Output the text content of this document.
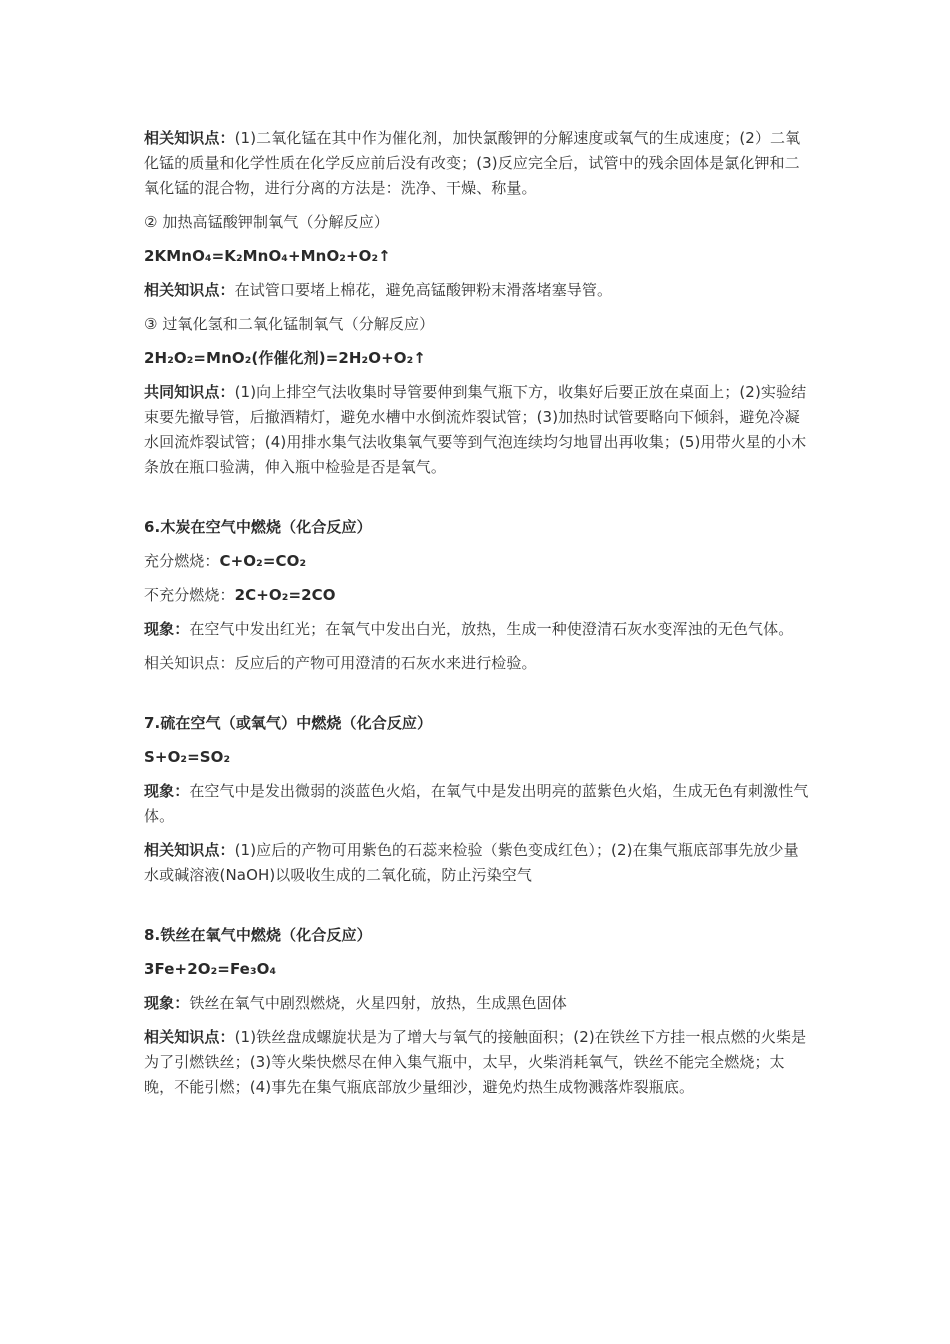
相关知识点：(1)二氧化锰在其中作为催化剂，加快氯酸钾的分解速度或氧气的生成速度；(2）二氧化锰的质量和化学性质在化学反应前后没有改变；(3)反应完全后，试管中的残余固体是氯化钾和二氧化锰的混合物，进行分离的方法是：洗净、干燥、称量。

② 加热高锰酸钾制氧气（分解反应）

2KMnO₄=K₂MnO₄+MnO₂+O₂↑

相关知识点：在试管口要堵上棉花，避免高锰酸钾粉末滑落堵塞导管。

③ 过氧化氢和二氧化锰制氧气（分解反应）

2H₂O₂=MnO₂(作催化剂)=2H₂O+O₂↑

共同知识点：(1)向上排空气法收集时导管要伸到集气瓶下方，收集好后要正放在桌面上；(2)实验结束要先撤导管，后撤酒精灯，避免水槽中水倒流炸裂试管；(3)加热时试管要略向下倾斜，避免冷凝水回流炸裂试管；(4)用排水集气法收集氧气要等到气泡连续均匀地冒出再收集；(5)用带火星的小木条放在瓶口验满，伸入瓶中检验是否是氧气。

6.木炭在空气中燃烧（化合反应）

充分燃烧：C+O₂=CO₂

不充分燃烧：2C+O₂=2CO

现象：在空气中发出红光；在氧气中发出白光，放热，生成一种使澄清石灰水变浑浊的无色气体。

相关知识点：反应后的产物可用澄清的石灰水来进行检验。

7.硫在空气（或氧气）中燃烧（化合反应）

S+O₂=SO₂

现象：在空气中是发出微弱的淡蓝色火焰，在氧气中是发出明亮的蓝紫色火焰，生成无色有刺激性气体。

相关知识点：(1)应后的产物可用紫色的石蕊来检验（紫色变成红色）；(2)在集气瓶底部事先放少量水或碱溶液(NaOH)以吸收生成的二氧化硫，防止污染空气

8.铁丝在氧气中燃烧（化合反应）

3Fe+2O₂=Fe₃O₄

现象：铁丝在氧气中剧烈燃烧，火星四射，放热，生成黑色固体

相关知识点：(1)铁丝盘成螺旋状是为了增大与氧气的接触面积；(2)在铁丝下方挂一根点燃的火柴是为了引燃铁丝；(3)等火柴快燃尽在伸入集气瓶中，太早，火柴消耗氧气，铁丝不能完全燃烧；太晚，不能引燃；(4)事先在集气瓶底部放少量细沙，避免灼热生成物溅落炸裂瓶底。
